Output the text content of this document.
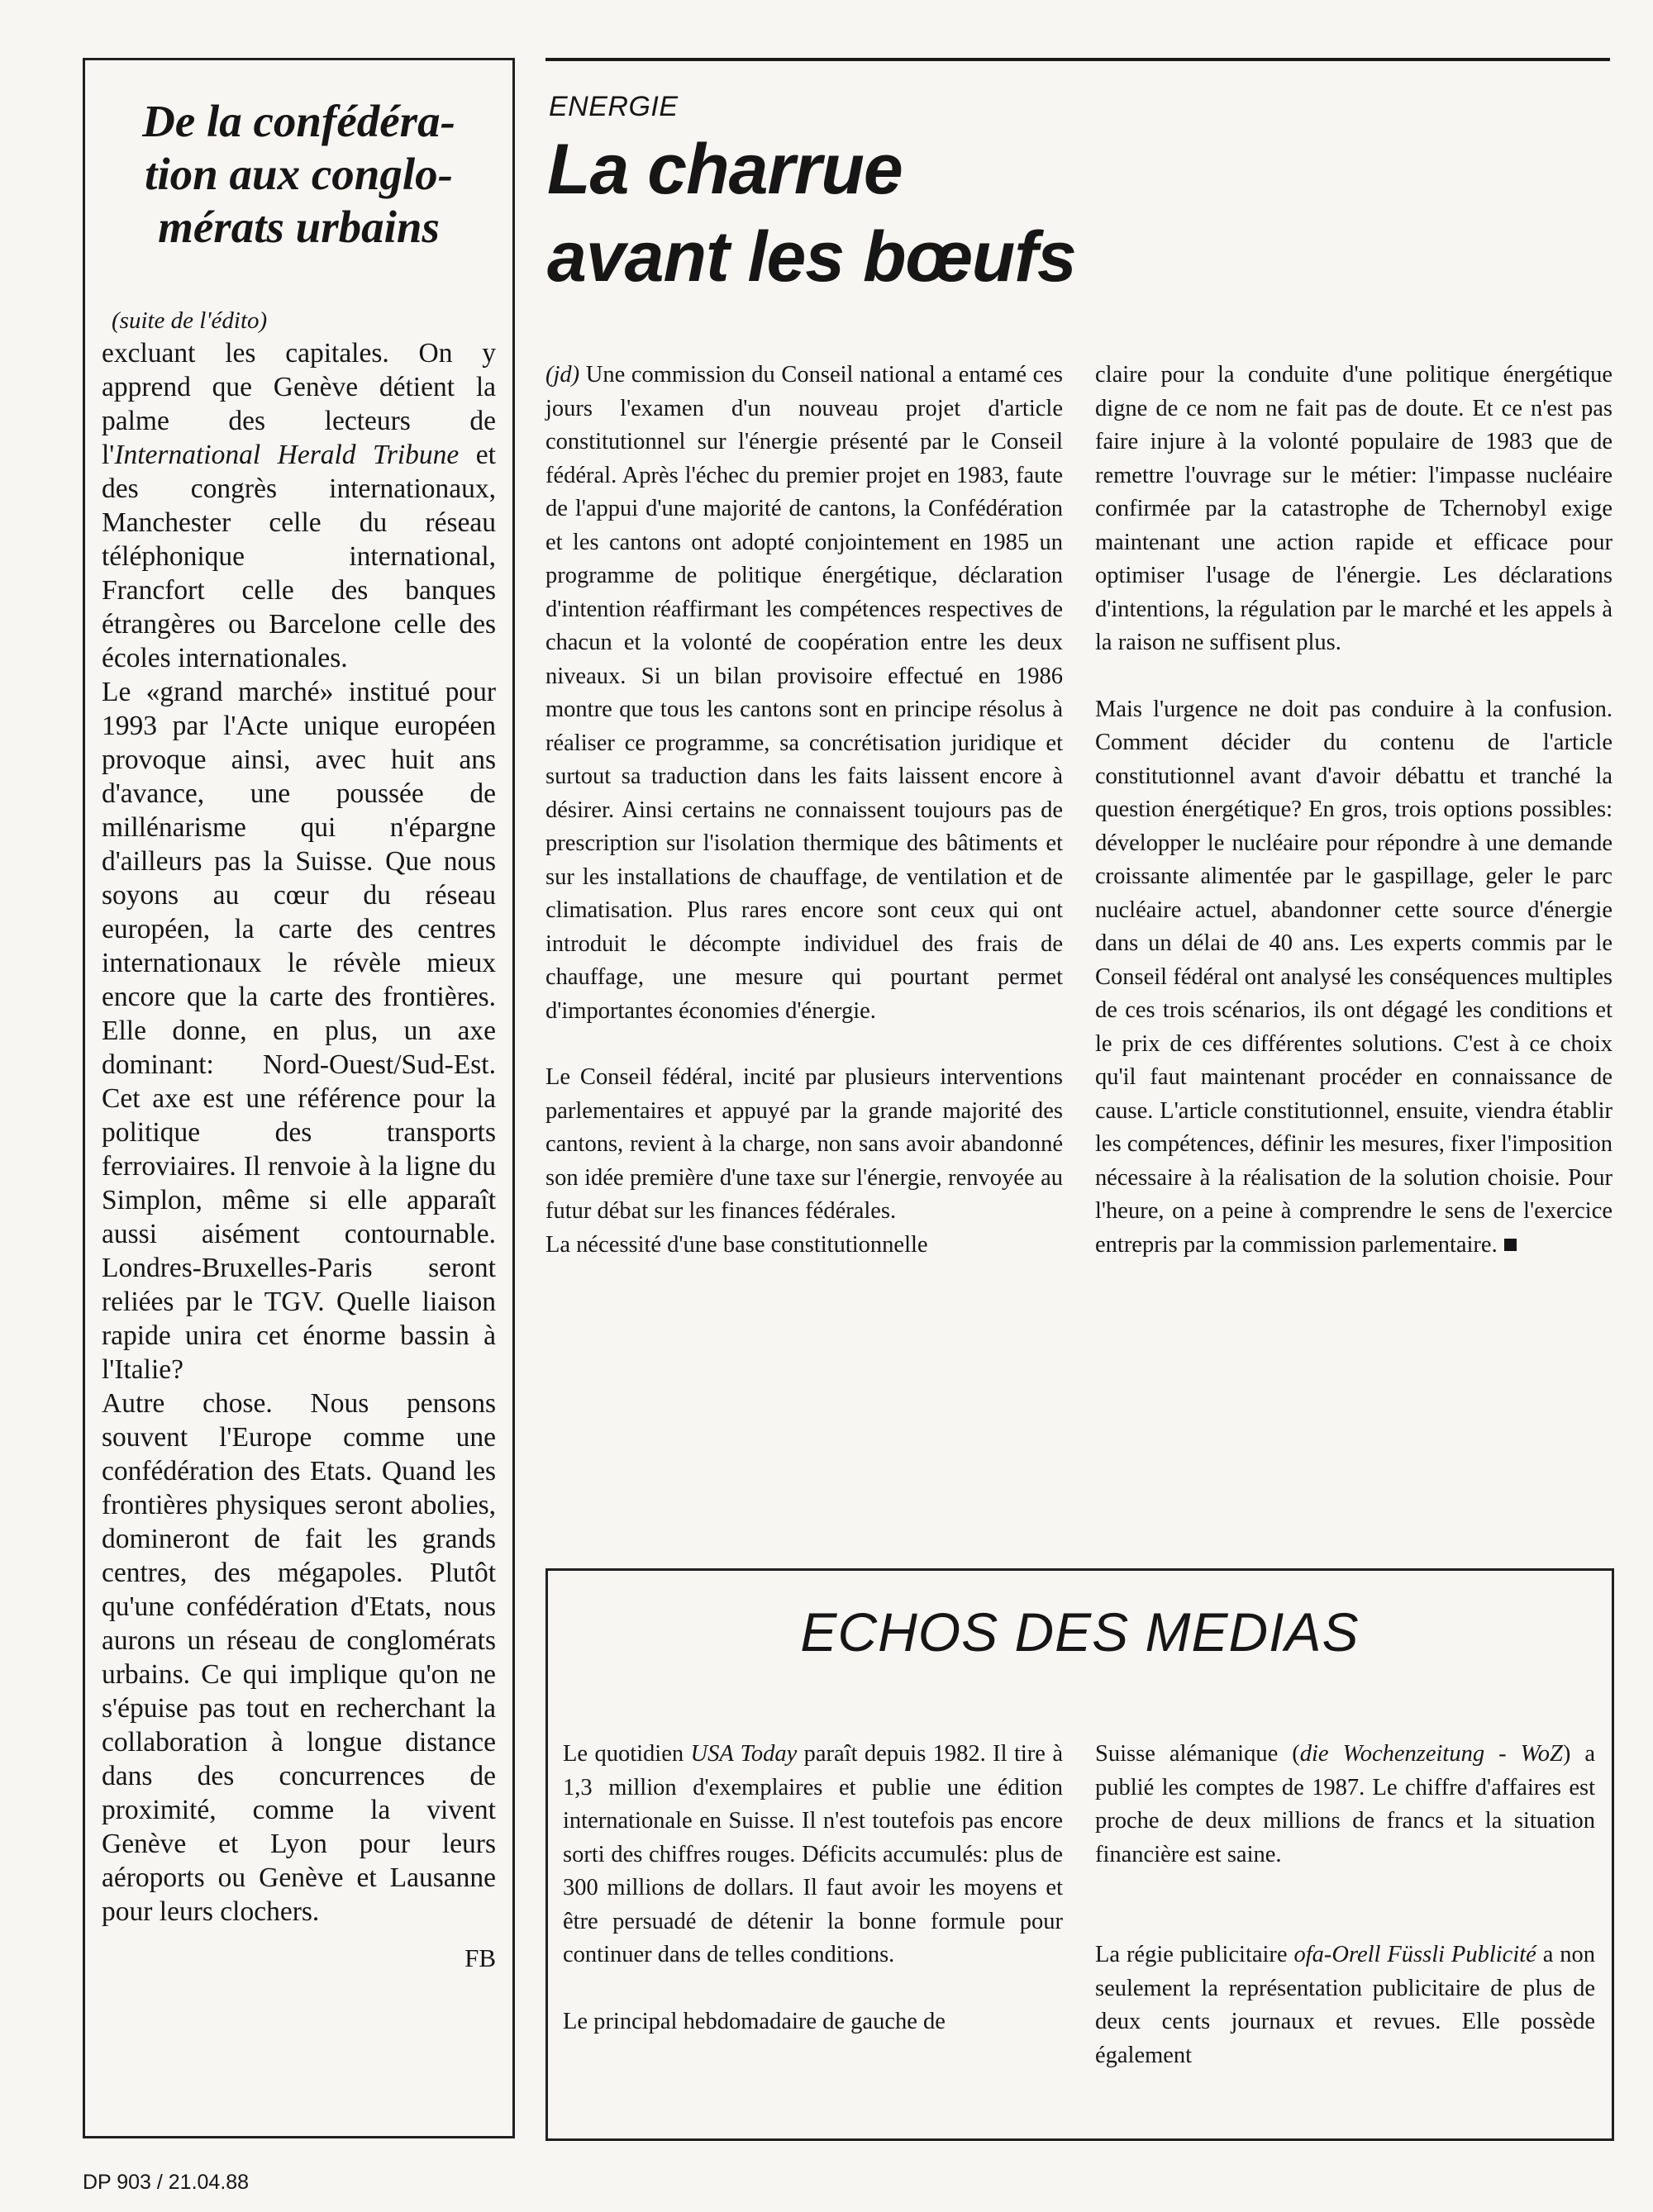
De la confédéra-
tion aux conglo-
mérats urbains
(suite de l'édito)

excluant les capitales. On y apprend que Genève détient la palme des lecteurs de l'International Herald Tribune et des congrès internationaux, Manchester celle du réseau téléphonique international, Francfort celle des banques étrangères ou Barcelone celle des écoles internationales.

Le «grand marché» institué pour 1993 par l'Acte unique européen provoque ainsi, avec huit ans d'avance, une poussée de millénarisme qui n'épargne d'ailleurs pas la Suisse. Que nous soyons au cœur du réseau européen, la carte des centres internationaux le révèle mieux encore que la carte des frontières. Elle donne, en plus, un axe dominant: Nord-Ouest/Sud-Est. Cet axe est une référence pour la politique des transports ferroviaires. Il renvoie à la ligne du Simplon, même si elle apparaît aussi aisément contournable. Londres-Bruxelles-Paris seront reliées par le TGV. Quelle liaison rapide unira cet énorme bassin à l'Italie?

Autre chose. Nous pensons souvent l'Europe comme une confédération des Etats. Quand les frontières physiques seront abolies, domineront de fait les grands centres, des mégapoles. Plutôt qu'une confédération d'Etats, nous aurons un réseau de conglomérats urbains. Ce qui implique qu'on ne s'épuise pas tout en recherchant la collaboration à longue distance dans des concurrences de proximité, comme la vivent Genève et Lyon pour leurs aéroports ou Genève et Lausanne pour leurs clochers.

FB
ENERGIE
La charrue
avant les bœufs

(jd) Une commission du Conseil national a entamé ces jours l'examen d'un nouveau projet d'article constitutionnel sur l'énergie présenté par le Conseil fédéral. Après l'échec du premier projet en 1983, faute de l'appui d'une majorité de cantons, la Confédération et les cantons ont adopté conjointement en 1985 un programme de politique énergétique, déclaration d'intention réaffirmant les compétences respectives de chacun et la volonté de coopération entre les deux niveaux. Si un bilan provisoire effectué en 1986 montre que tous les cantons sont en principe résolus à réaliser ce programme, sa concrétisation juridique et surtout sa traduction dans les faits laissent encore à désirer. Ainsi certains ne connaissent toujours pas de prescription sur l'isolation thermique des bâtiments et sur les installations de chauffage, de ventilation et de climatisation. Plus rares encore sont ceux qui ont introduit le décompte individuel des frais de chauffage, une mesure qui pourtant permet d'importantes économies d'énergie.

Le Conseil fédéral, incité par plusieurs interventions parlementaires et appuyé par la grande majorité des cantons, revient à la charge, non sans avoir abandonné son idée première d'une taxe sur l'énergie, renvoyée au futur débat sur les finances fédérales.

La nécessité d'une base constitutionnelle

claire pour la conduite d'une politique énergétique digne de ce nom ne fait pas de doute. Et ce n'est pas faire injure à la volonté populaire de 1983 que de remettre l'ouvrage sur le métier: l'impasse nucléaire confirmée par la catastrophe de Tchernobyl exige maintenant une action rapide et efficace pour optimiser l'usage de l'énergie. Les déclarations d'intentions, la régulation par le marché et les appels à la raison ne suffisent plus.

Mais l'urgence ne doit pas conduire à la confusion. Comment décider du contenu de l'article constitutionnel avant d'avoir débattu et tranché la question énergétique? En gros, trois options possibles: développer le nucléaire pour répondre à une demande croissante alimentée par le gaspillage, geler le parc nucléaire actuel, abandonner cette source d'énergie dans un délai de 40 ans. Les experts commis par le Conseil fédéral ont analysé les conséquences multiples de ces trois scénarios, ils ont dégagé les conditions et le prix de ces différentes solutions. C'est à ce choix qu'il faut maintenant procéder en connaissance de cause. L'article constitutionnel, ensuite, viendra établir les compétences, définir les mesures, fixer l'imposition nécessaire à la réalisation de la solution choisie. Pour l'heure, on a peine à comprendre le sens de l'exercice entrepris par la commission parlementaire.

ECHOS DES MEDIAS

Le quotidien USA Today paraît depuis 1982. Il tire à 1,3 million d'exemplaires et publie une édition internationale en Suisse. Il n'est toutefois pas encore sorti des chiffres rouges. Déficits accumulés: plus de 300 millions de dollars. Il faut avoir les moyens et être persuadé de détenir la bonne formule pour continuer dans de telles conditions.

Le principal hebdomadaire de gauche de

Suisse alémanique (die Wochenzeitung - WoZ) a publié les comptes de 1987. Le chiffre d'affaires est proche de deux millions de francs et la situation financière est saine.

La régie publicitaire ofa-Orell Füssli Publicité a non seulement la représentation publicitaire de plus de deux cents journaux et revues. Elle possède également

DP 903 / 21.04.88
